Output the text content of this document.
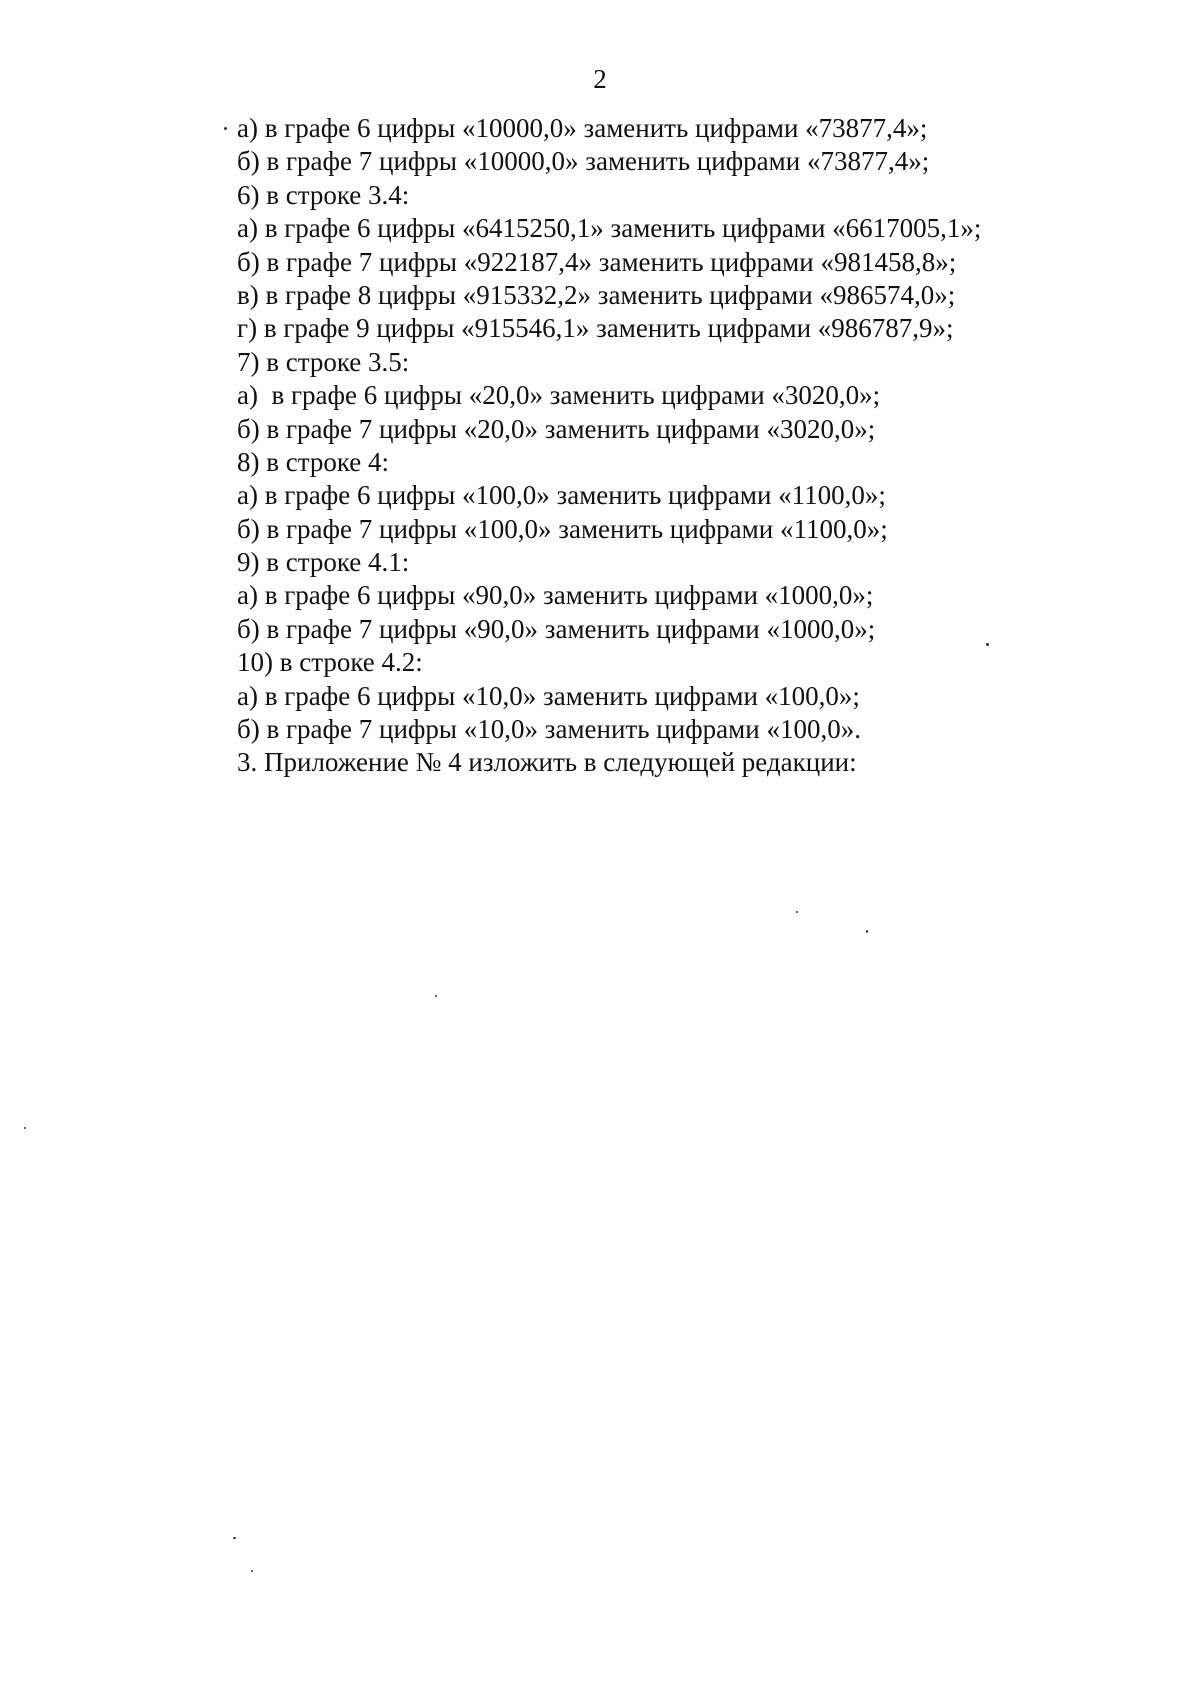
2
а) в графе 6 цифры «10000,0» заменить цифрами «73877,4»;
б) в графе 7 цифры «10000,0» заменить цифрами «73877,4»;
6) в строке 3.4:
а) в графе 6 цифры «6415250,1» заменить цифрами «6617005,1»;
б) в графе 7 цифры «922187,4» заменить цифрами «981458,8»;
в) в графе 8 цифры «915332,2» заменить цифрами «986574,0»;
г) в графе 9 цифры «915546,1» заменить цифрами «986787,9»;
7) в строке 3.5:
а)  в графе 6 цифры «20,0» заменить цифрами «3020,0»;
б) в графе 7 цифры «20,0» заменить цифрами «3020,0»;
8) в строке 4:
а) в графе 6 цифры «100,0» заменить цифрами «1100,0»;
б) в графе 7 цифры «100,0» заменить цифрами «1100,0»;
9) в строке 4.1:
а) в графе 6 цифры «90,0» заменить цифрами «1000,0»;
б) в графе 7 цифры «90,0» заменить цифрами «1000,0»;
10) в строке 4.2:
а) в графе 6 цифры «10,0» заменить цифрами «100,0»;
б) в графе 7 цифры «10,0» заменить цифрами «100,0».
3. Приложение № 4 изложить в следующей редакции:
